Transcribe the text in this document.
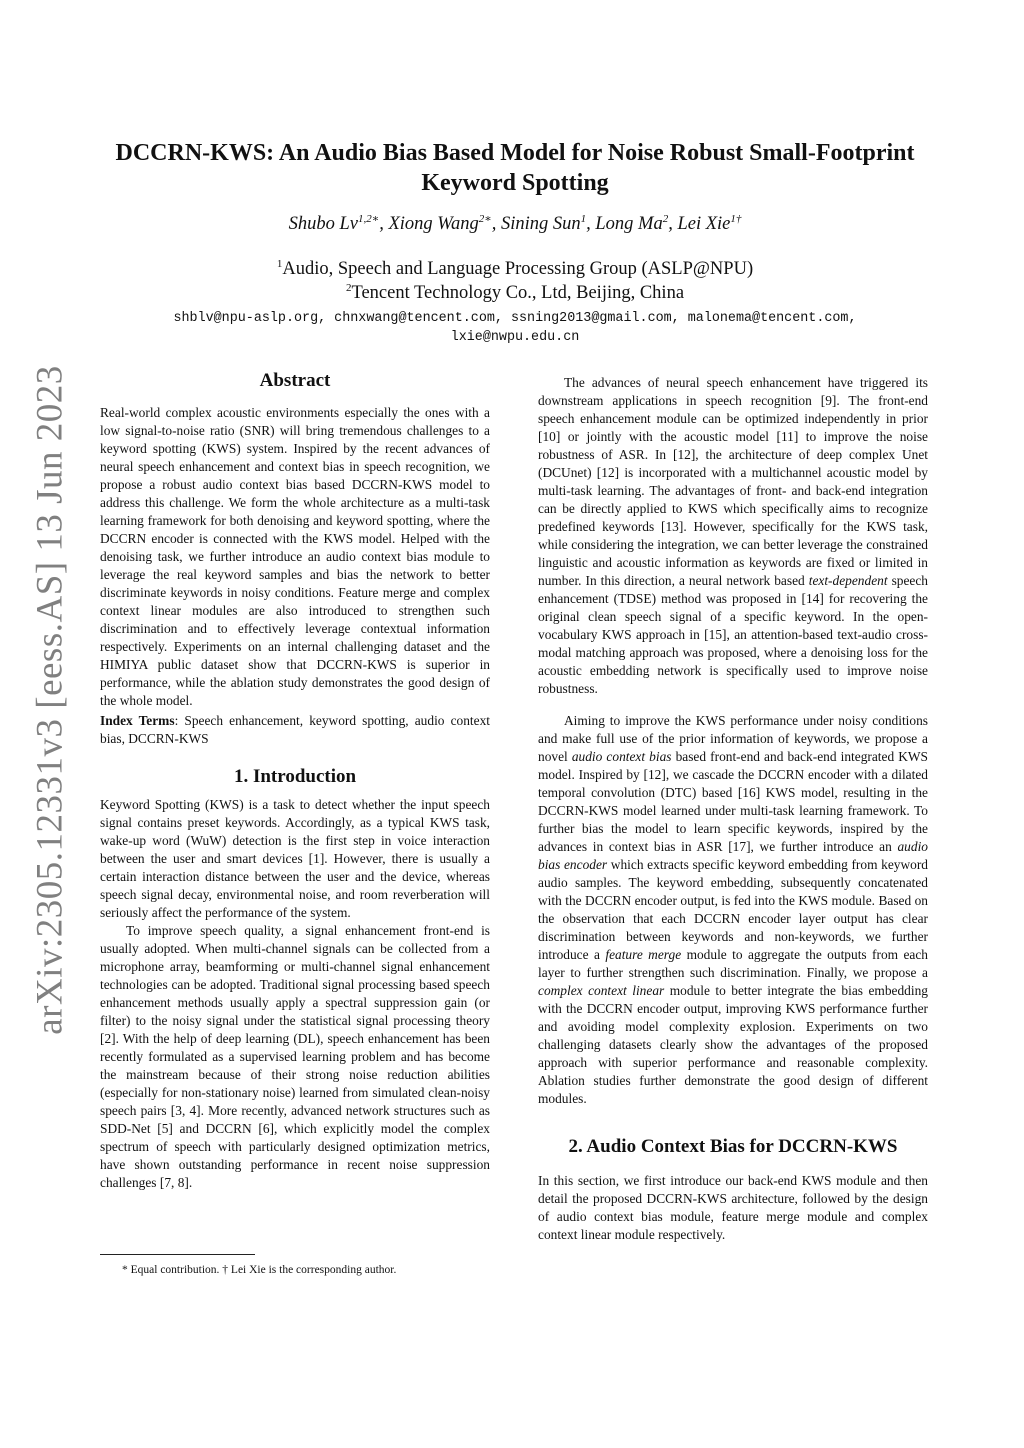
arXiv:2305.12331v3 [eess.AS] 13 Jun 2023
DCCRN-KWS: An Audio Bias Based Model for Noise Robust Small-Footprint
Keyword Spotting
Shubo $Lv^{1,2∗}$, Xiong Wang$^{2∗}$, Sining Sun$^1$, Long Ma$^2$, Lei Xie$^{1\dagger}$
$^1$Audio, Speech and Language Processing Group (ASLP@NPU)
$^2$Tencent Technology Co., Ltd, Beijing, China
shblv@npu-aslp.org, chnxwang@tencent.com, ssning2013@gmail.com, malonema@tencent.com,
lxie@nwpu.edu.cn
Abstract

Real-world complex acoustic environments especially the ones with a low signal-to-noise ratio (SNR) will bring tremendous challenges to a keyword spotting (KWS) system. Inspired by the recent advances of neural speech enhancement and context bias in speech recognition, we propose a robust audio context bias based DCCRN-KWS model to address this challenge. We form the whole architecture as a multi-task learning framework for both denoising and keyword spotting, where the DCCRN encoder is connected with the KWS model. Helped with the denoising task, we further introduce an audio context bias module to leverage the real keyword samples and bias the network to better discriminate keywords in noisy conditions. Feature merge and complex context linear modules are also introduced to strengthen such discrimination and to effectively leverage contextual information respectively. Experiments on an internal challenging dataset and the HIMIYA public dataset show that DCCRN-KWS is superior in performance, while the ablation study demonstrates the good design of the whole model.

Index Terms: Speech enhancement, keyword spotting, audio context bias, DCCRN-KWS

1. Introduction

Keyword Spotting (KWS) is a task to detect whether the input speech signal contains preset keywords. Accordingly, as a typical KWS task, wake-up word (WuW) detection is the first step in voice interaction between the user and smart devices [1]. However, there is usually a certain interaction distance between the user and the device, whereas speech signal decay, environmental noise, and room reverberation will seriously affect the performance of the system.

To improve speech quality, a signal enhancement front-end is usually adopted. When multi-channel signals can be collected from a microphone array, beamforming or multi-channel signal enhancement technologies can be adopted. Traditional signal processing based speech enhancement methods usually apply a spectral suppression gain (or filter) to the noisy signal under the statistical signal processing theory [2]. With the help of deep learning (DL), speech enhancement has been recently formulated as a supervised learning problem and has become the mainstream because of their strong noise reduction abilities (especially for non-stationary noise) learned from simulated clean-noisy speech pairs [3, 4]. More recently, advanced network structures such as SDD-Net [5] and DCCRN [6], which explicitly model the complex spectrum of speech with particularly designed optimization metrics, have shown outstanding performance in recent noise suppression challenges [7, 8].

The advances of neural speech enhancement have triggered its downstream applications in speech recognition [9]. The front-end speech enhancement module can be optimized independently in prior [10] or jointly with the acoustic model [11] to improve the noise robustness of ASR. In [12], the architecture of deep complex Unet (DCUnet) [12] is incorporated with a multichannel acoustic model by multi-task learning. The advantages of front- and back-end integration can be directly applied to KWS which specifically aims to recognize predefined keywords [13]. However, specifically for the KWS task, while considering the integration, we can better leverage the constrained linguistic and acoustic information as keywords are fixed or limited in number. In this direction, a neural network based text-dependent speech enhancement (TDSE) method was proposed in [14] for recovering the original clean speech signal of a specific keyword. In the open-vocabulary KWS approach in [15], an attention-based text-audio cross-modal matching approach was proposed, where a denoising loss for the acoustic embedding network is specifically used to improve noise robustness.

Aiming to improve the KWS performance under noisy conditions and make full use of the prior information of keywords, we propose a novel audio context bias based front-end and back-end integrated KWS model. Inspired by [12], we cascade the DCCRN encoder with a dilated temporal convolution (DTC) based [16] KWS model, resulting in the DCCRN-KWS model learned under multi-task learning framework. To further bias the model to learn specific keywords, inspired by the advances in context bias in ASR [17], we further introduce an audio bias encoder which extracts specific keyword embedding from keyword audio samples. The keyword embedding, subsequently concatenated with the DCCRN encoder output, is fed into the KWS module. Based on the observation that each DCCRN encoder layer output has clear discrimination between keywords and non-keywords, we further introduce a feature merge module to aggregate the outputs from each layer to further strengthen such discrimination. Finally, we propose a complex context linear module to better integrate the bias embedding with the DCCRN encoder output, improving KWS performance further and avoiding model complexity explosion. Experiments on two challenging datasets clearly show the advantages of the proposed approach with superior performance and reasonable complexity. Ablation studies further demonstrate the good design of different modules.

2. Audio Context Bias for DCCRN-KWS

In this section, we first introduce our back-end KWS module and then detail the proposed DCCRN-KWS architecture, followed by the design of audio context bias module, feature merge module and complex context linear module respectively.

* Equal contribution. † Lei Xie is the corresponding author.
